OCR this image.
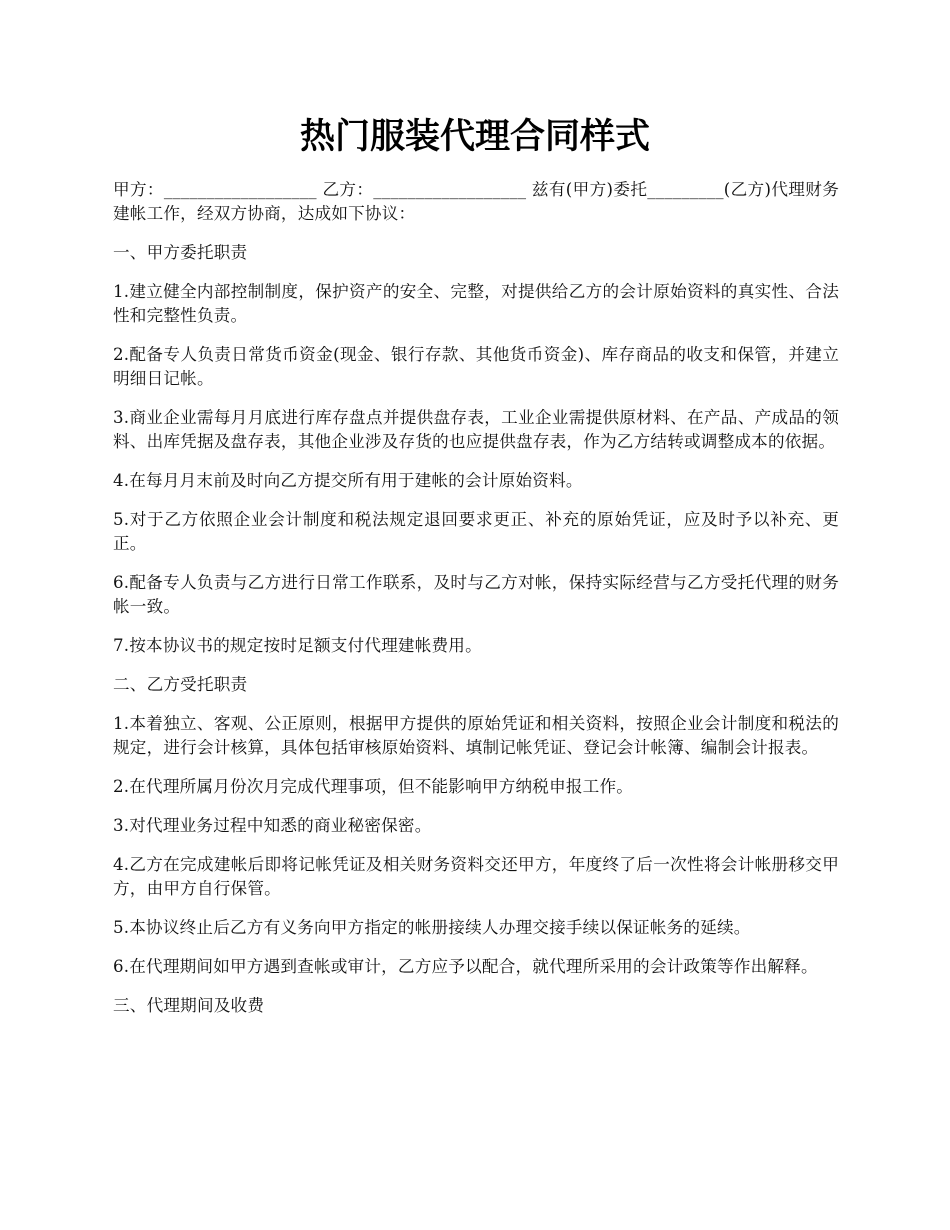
热门服装代理合同样式

甲方：__________________ 乙方：__________________ 兹有(甲方)委托_________(乙方)代理财务建帐工作，经双方协商，达成如下协议：

一、甲方委托职责

1.建立健全内部控制制度，保护资产的安全、完整，对提供给乙方的会计原始资料的真实性、合法性和完整性负责。

2.配备专人负责日常货币资金(现金、银行存款、其他货币资金)、库存商品的收支和保管，并建立明细日记帐。

3.商业企业需每月月底进行库存盘点并提供盘存表，工业企业需提供原材料、在产品、产成品的领料、出库凭据及盘存表，其他企业涉及存货的也应提供盘存表，作为乙方结转或调整成本的依据。

4.在每月月末前及时向乙方提交所有用于建帐的会计原始资料。

5.对于乙方依照企业会计制度和税法规定退回要求更正、补充的原始凭证，应及时予以补充、更正。

6.配备专人负责与乙方进行日常工作联系，及时与乙方对帐，保持实际经营与乙方受托代理的财务帐一致。

7.按本协议书的规定按时足额支付代理建帐费用。

二、乙方受托职责

1.本着独立、客观、公正原则，根据甲方提供的原始凭证和相关资料，按照企业会计制度和税法的规定，进行会计核算，具体包括审核原始资料、填制记帐凭证、登记会计帐簿、编制会计报表。

2.在代理所属月份次月完成代理事项，但不能影响甲方纳税申报工作。

3.对代理业务过程中知悉的商业秘密保密。

4.乙方在完成建帐后即将记帐凭证及相关财务资料交还甲方，年度终了后一次性将会计帐册移交甲方，由甲方自行保管。

5.本协议终止后乙方有义务向甲方指定的帐册接续人办理交接手续以保证帐务的延续。

6.在代理期间如甲方遇到查帐或审计，乙方应予以配合，就代理所采用的会计政策等作出解释。

三、代理期间及收费
